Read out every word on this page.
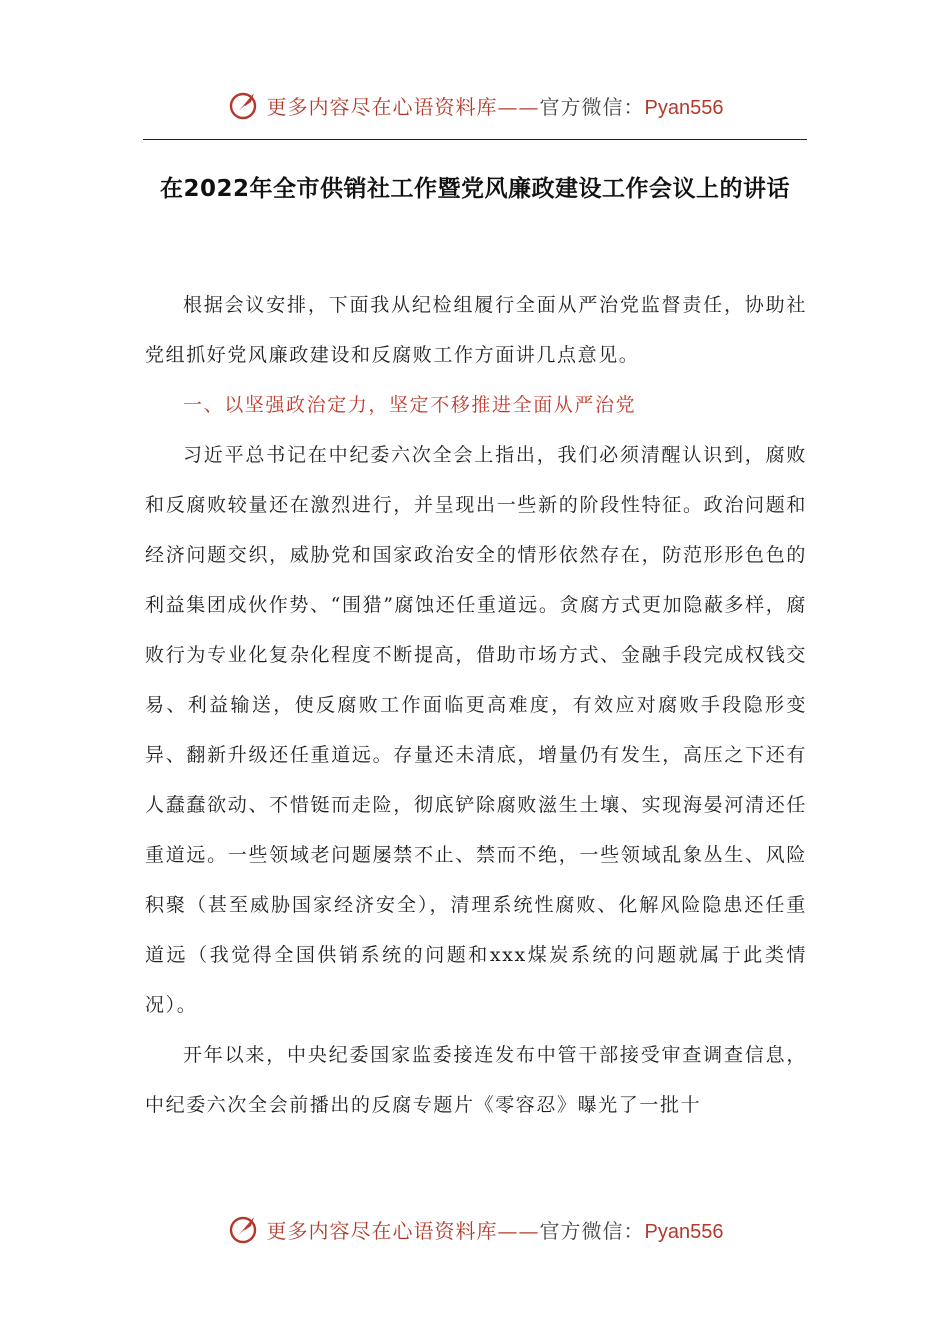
更多内容尽在心语资料库——官方微信：Pyan556
在2022年全市供销社工作暨党风廉政建设工作会议上的讲话

根据会议安排，下面我从纪检组履行全面从严治党监督责任，协助社党组抓好党风廉政建设和反腐败工作方面讲几点意见。

一、以坚强政治定力，坚定不移推进全面从严治党

习近平总书记在中纪委六次全会上指出，我们必须清醒认识到，腐败和反腐败较量还在激烈进行，并呈现出一些新的阶段性特征。政治问题和经济问题交织，威胁党和国家政治安全的情形依然存在，防范形形色色的利益集团成伙作势、“围猎”腐蚀还任重道远。贪腐方式更加隐蔽多样，腐败行为专业化复杂化程度不断提高，借助市场方式、金融手段完成权钱交易、利益输送，使反腐败工作面临更高难度，有效应对腐败手段隐形变异、翻新升级还任重道远。存量还未清底，增量仍有发生，高压之下还有人蠢蠢欲动、不惜铤而走险，彻底铲除腐败滋生土壤、实现海晏河清还任重道远。一些领域老问题屡禁不止、禁而不绝，一些领域乱象丛生、风险积聚（甚至威胁国家经济安全），清理系统性腐败、化解风险隐患还任重道远（我觉得全国供销系统的问题和xxx煤炭系统的问题就属于此类情况）。

开年以来，中央纪委国家监委接连发布中管干部接受审查调查信息，中纪委六次全会前播出的反腐专题片《零容忍》曝光了一批十

更多内容尽在心语资料库——官方微信：Pyan556
